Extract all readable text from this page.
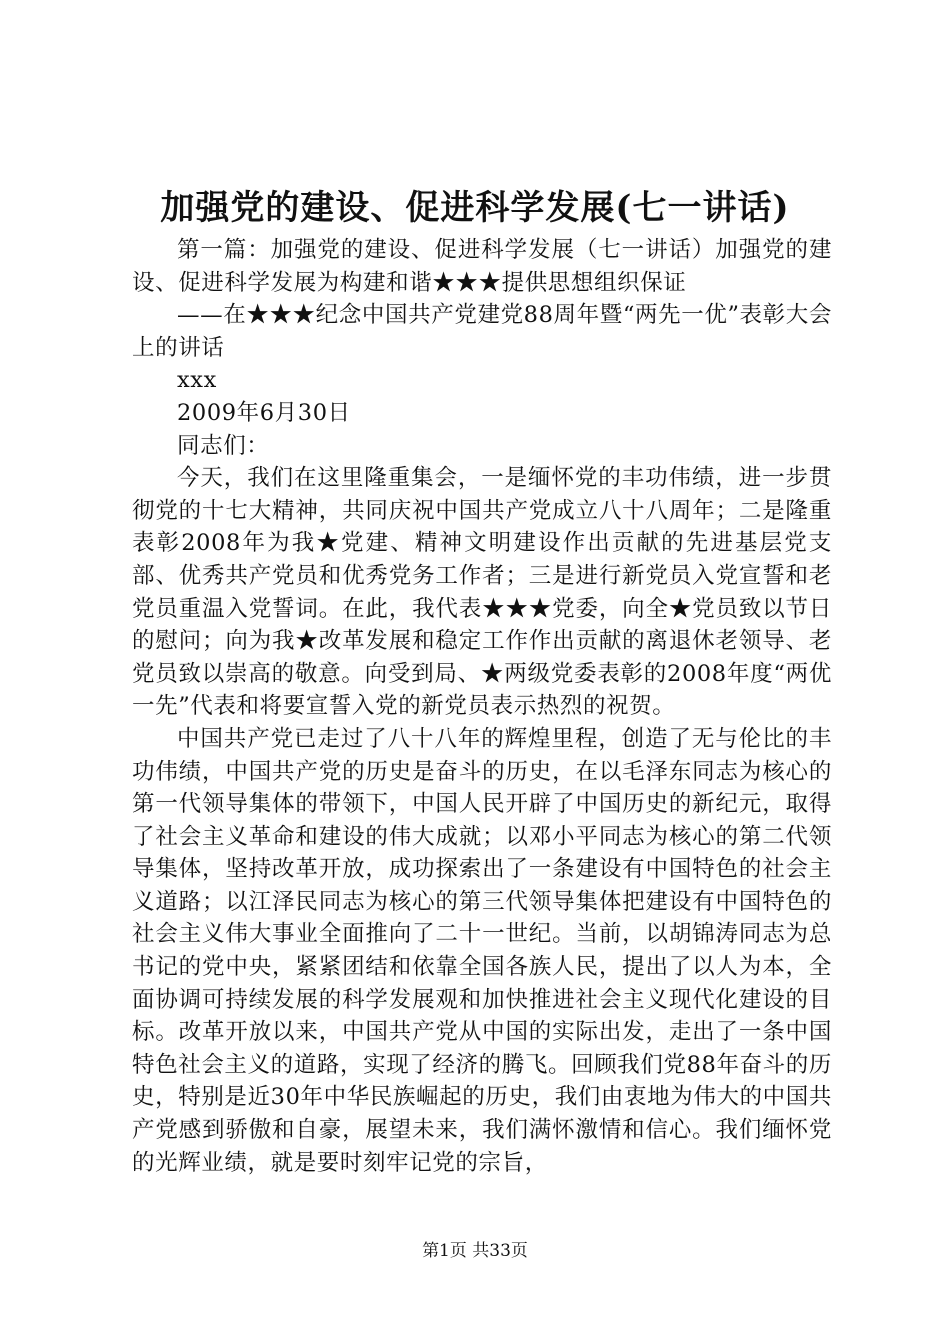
加强党的建设、促进科学发展(七一讲话)

第一篇：加强党的建设、促进科学发展（七一讲话）加强党的建设、促进科学发展为构建和谐★★★提供思想组织保证

——在★★★纪念中国共产党建党88周年暨“两先一优”表彰大会上的讲话

xxx

2009年6月30日

同志们：

今天，我们在这里隆重集会，一是缅怀党的丰功伟绩，进一步贯彻党的十七大精神，共同庆祝中国共产党成立八十八周年；二是隆重表彰2008年为我★党建、精神文明建设作出贡献的先进基层党支部、优秀共产党员和优秀党务工作者；三是进行新党员入党宣誓和老党员重温入党誓词。在此，我代表★★★党委，向全★党员致以节日的慰问；向为我★改革发展和稳定工作作出贡献的离退休老领导、老党员致以崇高的敬意。向受到局、★两级党委表彰的2008年度“两优一先”代表和将要宣誓入党的新党员表示热烈的祝贺。

中国共产党已走过了八十八年的辉煌里程，创造了无与伦比的丰功伟绩，中国共产党的历史是奋斗的历史，在以毛泽东同志为核心的第一代领导集体的带领下，中国人民开辟了中国历史的新纪元，取得了社会主义革命和建设的伟大成就；以邓小平同志为核心的第二代领导集体，坚持改革开放，成功探索出了一条建设有中国特色的社会主义道路；以江泽民同志为核心的第三代领导集体把建设有中国特色的社会主义伟大事业全面推向了二十一世纪。当前，以胡锦涛同志为总书记的党中央，紧紧团结和依靠全国各族人民，提出了以人为本，全面协调可持续发展的科学发展观和加快推进社会主义现代化建设的目标。改革开放以来，中国共产党从中国的实际出发，走出了一条中国特色社会主义的道路，实现了经济的腾飞。回顾我们党88年奋斗的历史，特别是近30年中华民族崛起的历史，我们由衷地为伟大的中国共产党感到骄傲和自豪，展望未来，我们满怀激情和信心。我们缅怀党的光辉业绩，就是要时刻牢记党的宗旨，

第1页 共33页
